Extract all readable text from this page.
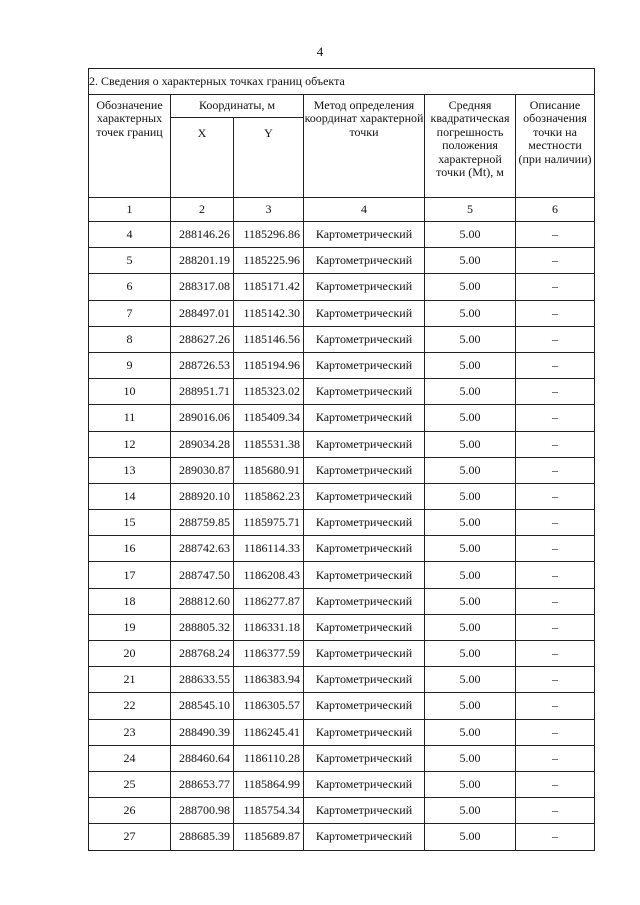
4
2. Сведения о характерных точках границ объекта					
Обозначение характерных точек границ	Координаты, м		Метод определения координат характерной точки	Средняя квадратическая погрешность положения характерной точки (Mt), м	Описание обозначения точки на местности (при наличии)
	X	Y			
1	2	3	4	5	6
4	288146.26	1185296.86	Картометрический	5.00	–
5	288201.19	1185225.96	Картометрический	5.00	–
6	288317.08	1185171.42	Картометрический	5.00	–
7	288497.01	1185142.30	Картометрический	5.00	–
8	288627.26	1185146.56	Картометрический	5.00	–
9	288726.53	1185194.96	Картометрический	5.00	–
10	288951.71	1185323.02	Картометрический	5.00	–
11	289016.06	1185409.34	Картометрический	5.00	–
12	289034.28	1185531.38	Картометрический	5.00	–
13	289030.87	1185680.91	Картометрический	5.00	–
14	288920.10	1185862.23	Картометрический	5.00	–
15	288759.85	1185975.71	Картометрический	5.00	–
16	288742.63	1186114.33	Картометрический	5.00	–
17	288747.50	1186208.43	Картометрический	5.00	–
18	288812.60	1186277.87	Картометрический	5.00	–
19	288805.32	1186331.18	Картометрический	5.00	–
20	288768.24	1186377.59	Картометрический	5.00	–
21	288633.55	1186383.94	Картометрический	5.00	–
22	288545.10	1186305.57	Картометрический	5.00	–
23	288490.39	1186245.41	Картометрический	5.00	–
24	288460.64	1186110.28	Картометрический	5.00	–
25	288653.77	1185864.99	Картометрический	5.00	–
26	288700.98	1185754.34	Картометрический	5.00	–
27	288685.39	1185689.87	Картометрический	5.00	–
